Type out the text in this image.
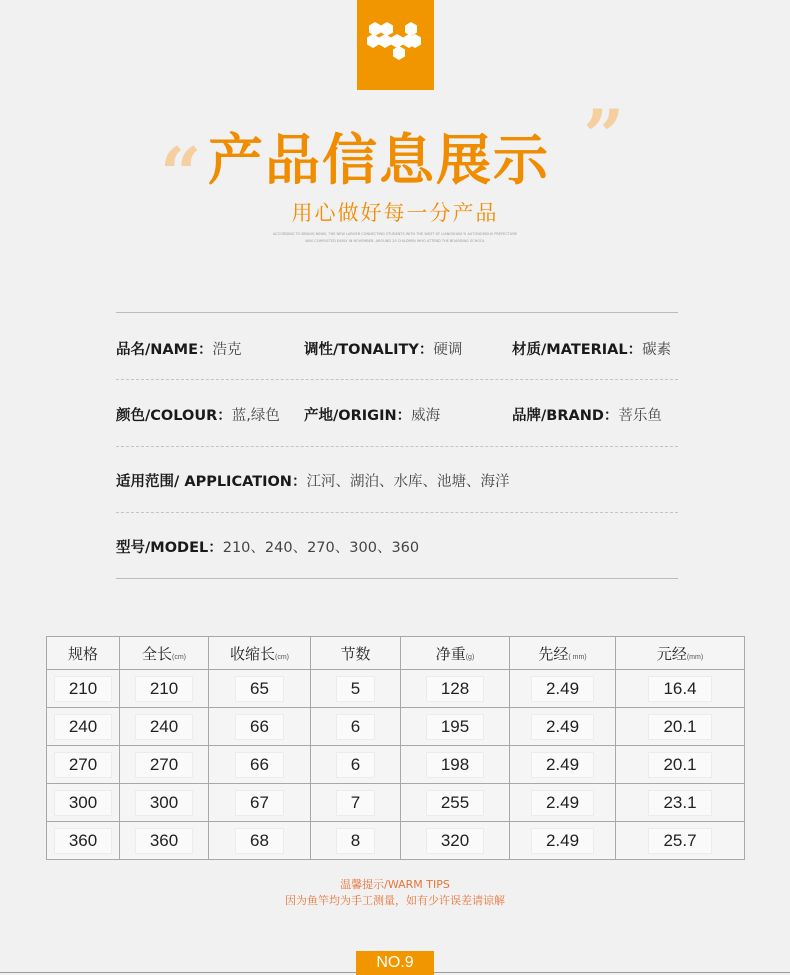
“ 产品信息展示 ”
用心做好每一分产品
ACCORDING TO BEIJING NEWS, THE NEW LARGER CONNECTING STUDENTS WITH THE WEST OF LIANGSHAN YI AUTONOMOUS PREFECTURE
WAS COMPLETED EARLY IN NOVEMBER, AROUND 20 CHILDREN WHO ATTEND THE BOARDING SCHOOL
品名/NAME：浩克	调性/TONALITY：硬调	材质/MATERIAL：碳素
颜色/COLOUR：蓝,绿色 产地/ORIGIN：威海	品牌/BRAND：菩乐鱼
适用范围/ APPLICATION：江河、湖泊、水库、池塘、海洋
型号/MODEL：210、240、270、300、360
规格	全长(cm)	收缩长(cm)	节数	净重(g)	先经( mm)	元经(mm)
210	210	65	5	128	2.49	16.4
240	240	66	6	195	2.49	20.1
270	270	66	6	198	2.49	20.1
300	300	67	7	255	2.49	23.1
360	360	68	8	320	2.49	25.7
温馨提示/WARM TIPS
因为鱼竿均为手工测量，如有少许误差请谅解
NO.9
